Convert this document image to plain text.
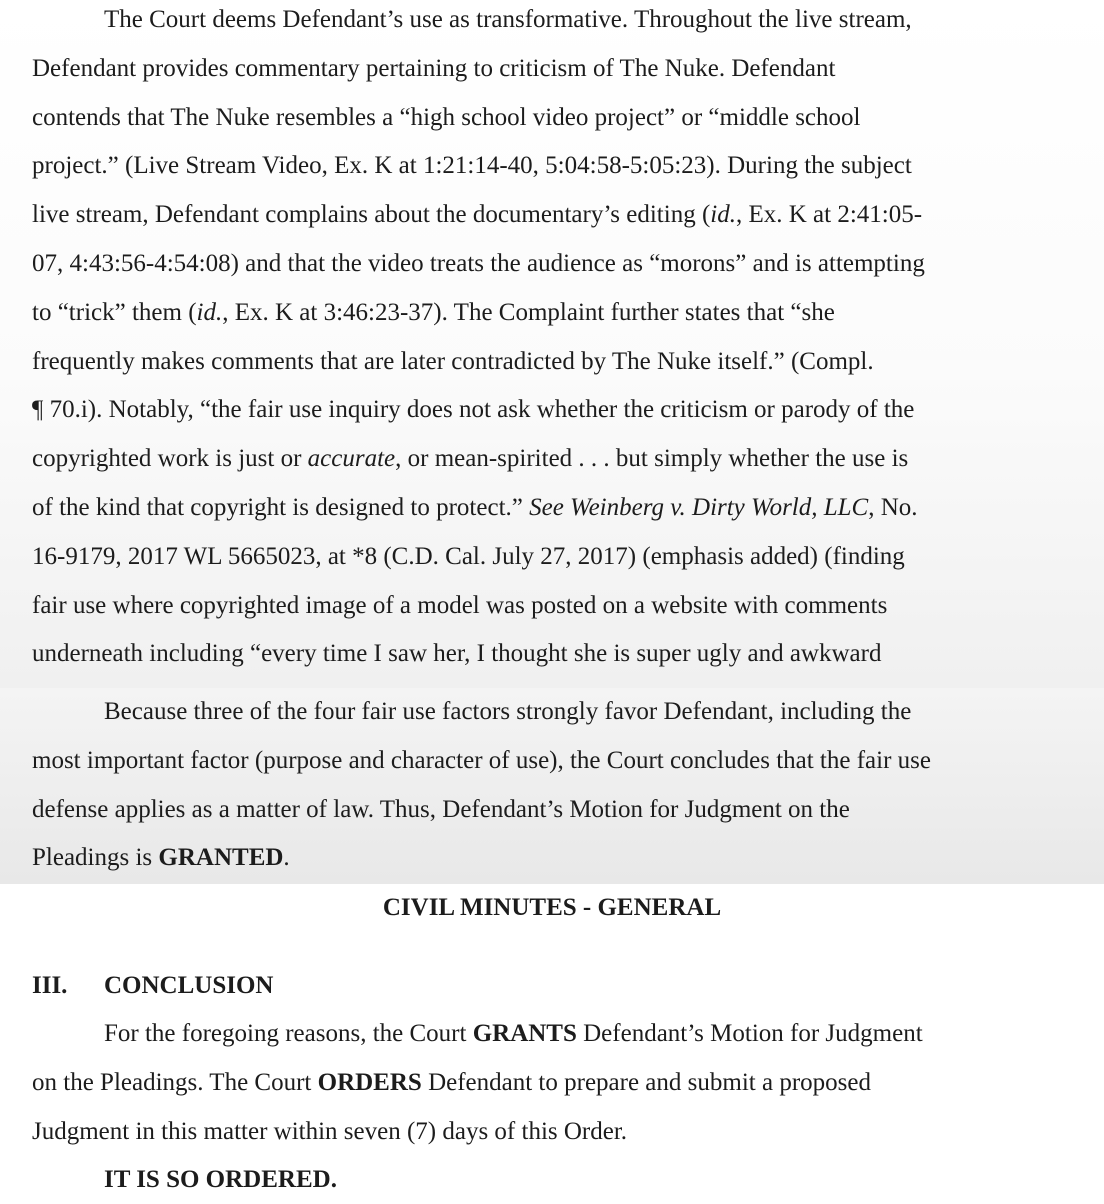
The Court deems Defendant’s use as transformative. Throughout the live stream,
Defendant provides commentary pertaining to criticism of The Nuke. Defendant
contends that The Nuke resembles a “high school video project” or “middle school
project.” (Live Stream Video, Ex. K at 1:21:14-40, 5:04:58-5:05:23). During the subject
live stream, Defendant complains about the documentary’s editing (id., Ex. K at 2:41:05-
07, 4:43:56-4:54:08) and that the video treats the audience as “morons” and is attempting
to “trick” them (id., Ex. K at 3:46:23-37). The Complaint further states that “she
frequently makes comments that are later contradicted by The Nuke itself.” (Compl.
¶ 70.i). Notably, “the fair use inquiry does not ask whether the criticism or parody of the
copyrighted work is just or accurate, or mean-spirited . . . but simply whether the use is
of the kind that copyright is designed to protect.” See Weinberg v. Dirty World, LLC, No.
16-9179, 2017 WL 5665023, at *8 (C.D. Cal. July 27, 2017) (emphasis added) (finding
fair use where copyrighted image of a model was posted on a website with comments
underneath including “every time I saw her, I thought she is super ugly and awkward

Because three of the four fair use factors strongly favor Defendant, including the
most important factor (purpose and character of use), the Court concludes that the fair use
defense applies as a matter of law. Thus, Defendant’s Motion for Judgment on the
Pleadings is GRANTED.

CIVIL MINUTES - GENERAL

III. CONCLUSION

For the foregoing reasons, the Court GRANTS Defendant’s Motion for Judgment
on the Pleadings. The Court ORDERS Defendant to prepare and submit a proposed
Judgment in this matter within seven (7) days of this Order.

IT IS SO ORDERED.
